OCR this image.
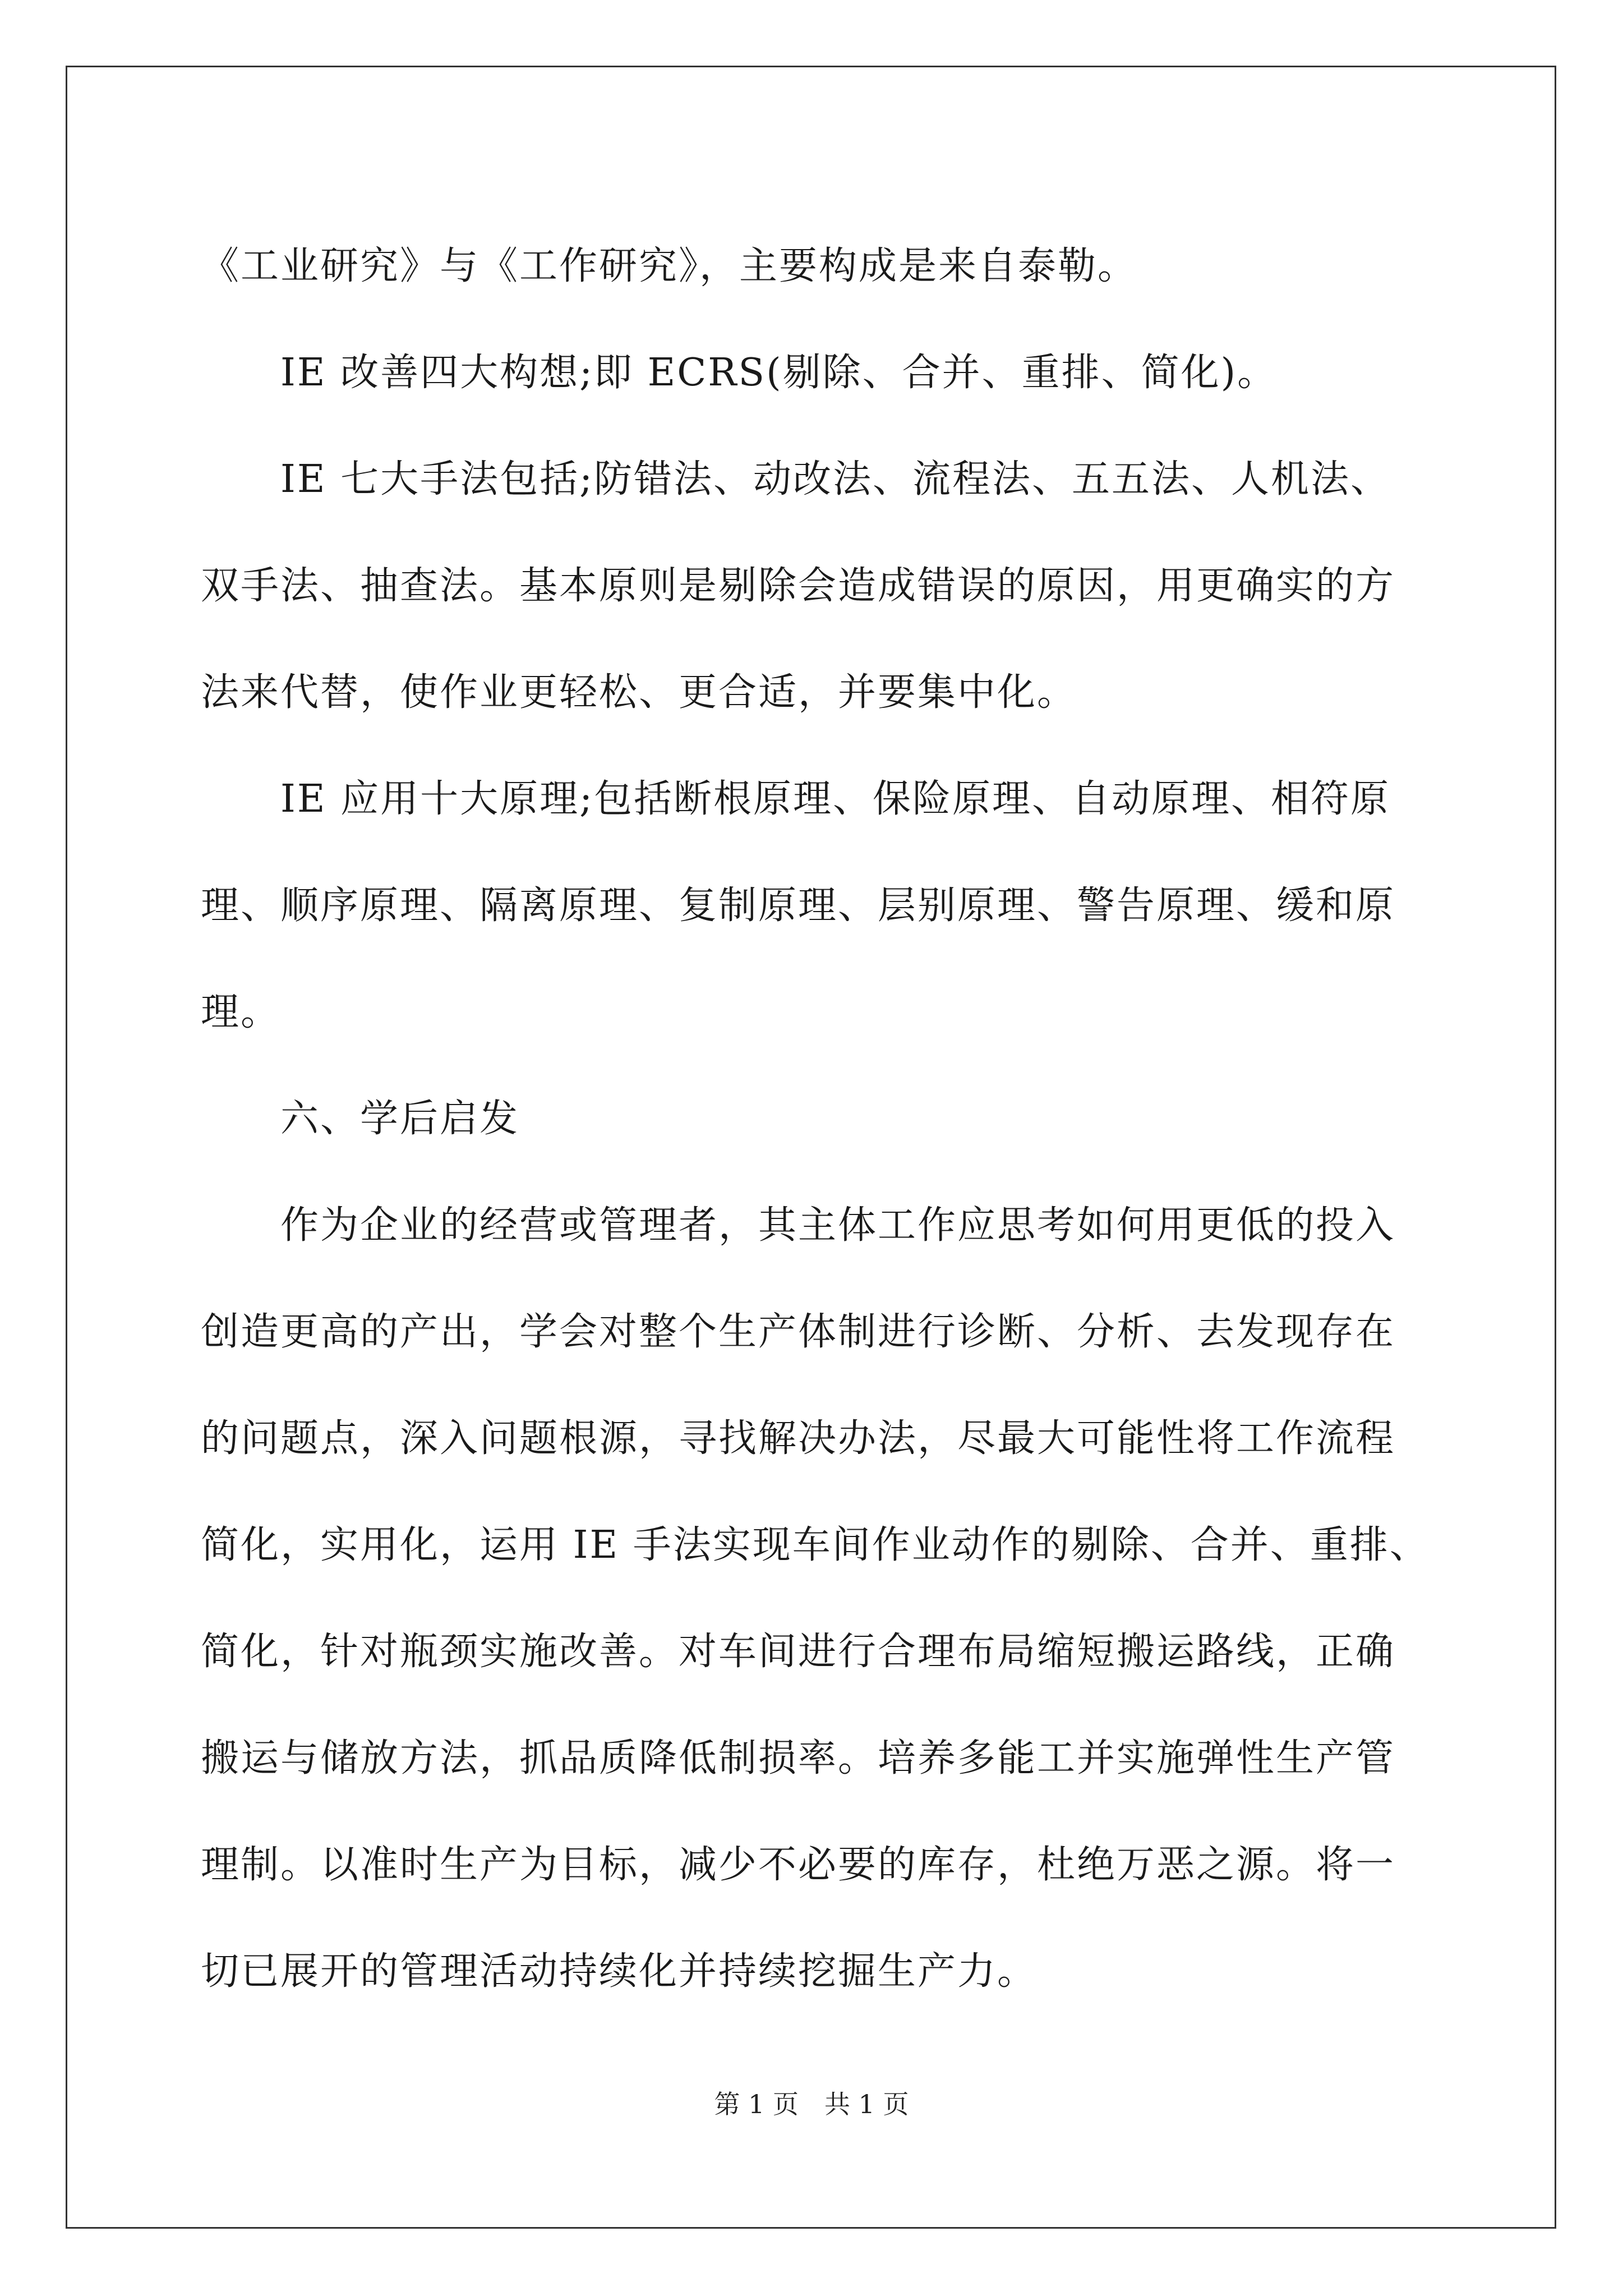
《工业研究》与《工作研究》，主要构成是来自泰勒。
　　IE 改善四大构想;即 ECRS(剔除、合并、重排、简化)。
　　IE 七大手法包括;防错法、动改法、流程法、五五法、人机法、
双手法、抽查法。基本原则是剔除会造成错误的原因，用更确实的方
法来代替，使作业更轻松、更合适，并要集中化。
　　IE 应用十大原理;包括断根原理、保险原理、自动原理、相符原
理、顺序原理、隔离原理、复制原理、层别原理、警告原理、缓和原
理。
　　六、学后启发
　　作为企业的经营或管理者，其主体工作应思考如何用更低的投入
创造更高的产出，学会对整个生产体制进行诊断、分析、去发现存在
的问题点，深入问题根源，寻找解决办法，尽最大可能性将工作流程
简化，实用化，运用 IE 手法实现车间作业动作的剔除、合并、重排、
简化，针对瓶颈实施改善。对车间进行合理布局缩短搬运路线，正确
搬运与储放方法，抓品质降低制损率。培养多能工并实施弹性生产管
理制。以准时生产为目标，减少不必要的库存，杜绝万恶之源。将一
切已展开的管理活动持续化并持续挖掘生产力。
第 1 页　共 1 页
